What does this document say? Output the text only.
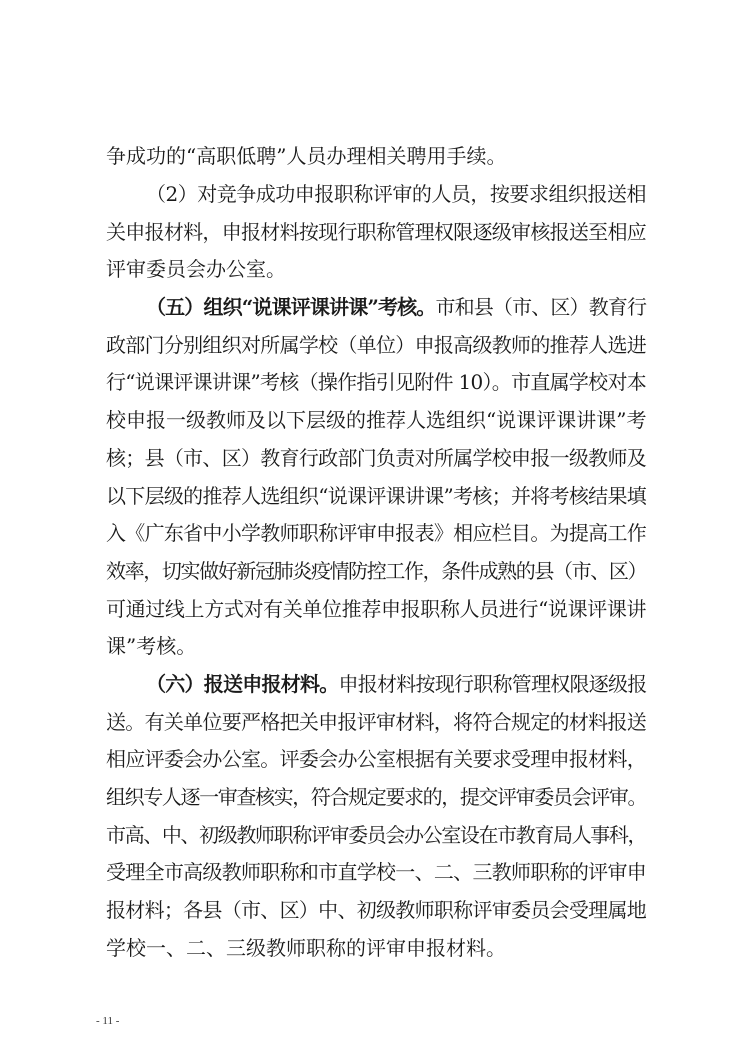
争成功的“高职低聘”人员办理相关聘用手续。
（2）对竞争成功申报职称评审的人员，按要求组织报送相
关申报材料，申报材料按现行职称管理权限逐级审核报送至相应
评审委员会办公室。
（五）组织“说课评课讲课”考核。市和县（市、区）教育行
政部门分别组织对所属学校（单位）申报高级教师的推荐人选进
行“说课评课讲课”考核（操作指引见附件 10）。市直属学校对本
校申报一级教师及以下层级的推荐人选组织“说课评课讲课”考
核；县（市、区）教育行政部门负责对所属学校申报一级教师及
以下层级的推荐人选组织“说课评课讲课”考核；并将考核结果填
入《广东省中小学教师职称评审申报表》相应栏目。为提高工作
效率，切实做好新冠肺炎疫情防控工作，条件成熟的县（市、区）
可通过线上方式对有关单位推荐申报职称人员进行“说课评课讲
课”考核。
（六）报送申报材料。申报材料按现行职称管理权限逐级报
送。有关单位要严格把关申报评审材料，将符合规定的材料报送
相应评委会办公室。评委会办公室根据有关要求受理申报材料，
组织专人逐一审查核实，符合规定要求的，提交评审委员会评审。
市高、中、初级教师职称评审委员会办公室设在市教育局人事科，
受理全市高级教师职称和市直学校一、二、三教师职称的评审申
报材料；各县（市、区）中、初级教师职称评审委员会受理属地
学校一、二、三级教师职称的评审申报材料。
- 11 -
